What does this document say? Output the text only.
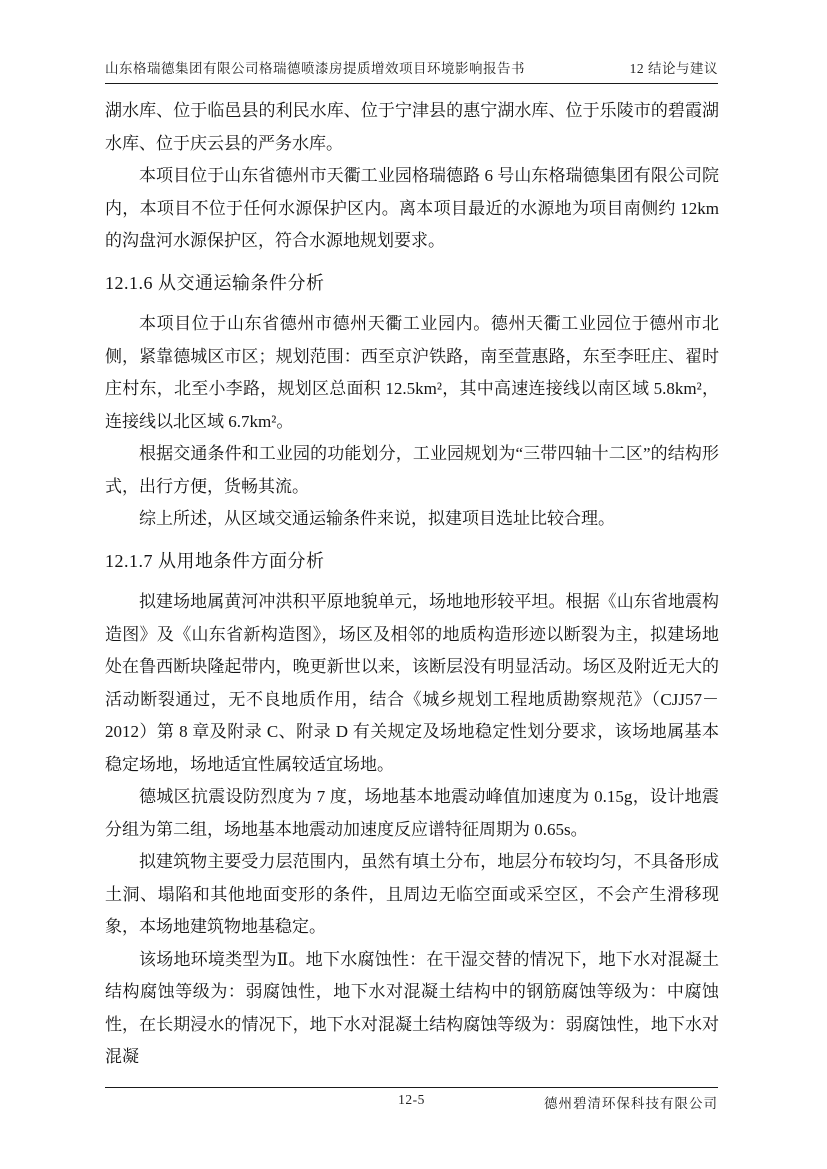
山东格瑞德集团有限公司格瑞德喷漆房提质增效项目环境影响报告书	12 结论与建议

湖水库、位于临邑县的利民水库、位于宁津县的惠宁湖水库、位于乐陵市的碧霞湖水库、位于庆云县的严务水库。

本项目位于山东省德州市天衢工业园格瑞德路 6 号山东格瑞德集团有限公司院内，本项目不位于任何水源保护区内。离本项目最近的水源地为项目南侧约 12km 的沟盘河水源保护区，符合水源地规划要求。

12.1.6 从交通运输条件分析

本项目位于山东省德州市德州天衢工业园内。德州天衢工业园位于德州市北侧，紧靠德城区市区；规划范围：西至京沪铁路，南至萱惠路，东至李旺庄、翟时庄村东，北至小李路，规划区总面积 12.5km²，其中高速连接线以南区域 5.8km²，连接线以北区域 6.7km²。

根据交通条件和工业园的功能划分，工业园规划为“三带四轴十二区”的结构形式，出行方便，货畅其流。

综上所述，从区域交通运输条件来说，拟建项目选址比较合理。

12.1.7 从用地条件方面分析

拟建场地属黄河冲洪积平原地貌单元，场地地形较平坦。根据《山东省地震构造图》及《山东省新构造图》，场区及相邻的地质构造形迹以断裂为主，拟建场地处在鲁西断块隆起带内，晚更新世以来，该断层没有明显活动。场区及附近无大的活动断裂通过，无不良地质作用，结合《城乡规划工程地质勘察规范》（CJJ57－2012）第 8 章及附录 C、附录 D 有关规定及场地稳定性划分要求，该场地属基本稳定场地，场地适宜性属较适宜场地。

德城区抗震设防烈度为 7 度，场地基本地震动峰值加速度为 0.15g，设计地震分组为第二组，场地基本地震动加速度反应谱特征周期为 0.65s。

拟建筑物主要受力层范围内，虽然有填土分布，地层分布较均匀，不具备形成土洞、塌陷和其他地面变形的条件，且周边无临空面或采空区，不会产生滑移现象，本场地建筑物地基稳定。

该场地环境类型为Ⅱ。地下水腐蚀性：在干湿交替的情况下，地下水对混凝土结构腐蚀等级为：弱腐蚀性，地下水对混凝土结构中的钢筋腐蚀等级为：中腐蚀性，在长期浸水的情况下，地下水对混凝土结构腐蚀等级为：弱腐蚀性，地下水对混凝

12-5	德州碧清环保科技有限公司
